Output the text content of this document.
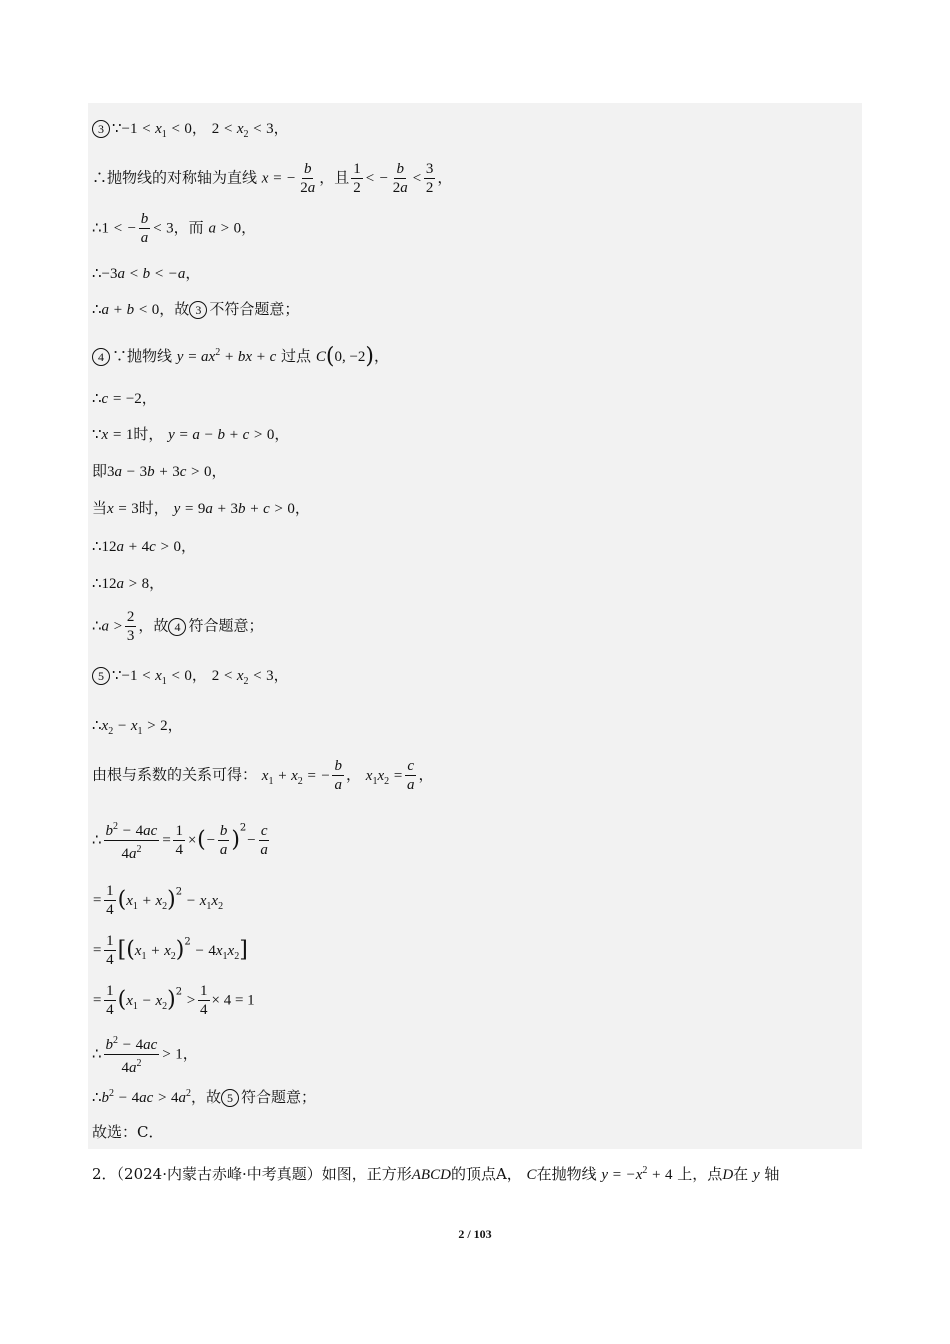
3 ∵−1 < $x_1 < 0$， $2 < x_2 < 3$，
∴抛物线的对称轴为直线 x = − $\frac{b}{2a}$ ，且 $\frac{1}{2}$ < − $\frac{b}{2a} < \frac{3}{2}$ ，
∴1 < − $\frac{b}{a} < 3$，而 a > 0，
∴−3a < b < −a，
∴a + b < 0，故 3 不符合题意；
4 ∵抛物线 $y = ax^2$ + bx + c 过点 C(0, −2)，
∴c = −2，
∵x = 1时， y = a − b + c > 0，
即3a − 3b + 3c > 0，
当x = 3时， y = 9a + 3b + c > 0，
∴12a + 4c > 0，
∴12a > 8，
∴a > $\frac{2}{3}$ ，故 4 符合题意；
5 ∵−1 < $x_1 < 0$， $2 < x_2 < 3$，
$\therefore x_2 - x_1 > 2$，
由根与系数的关系可得： $x_1 + x_2$ = − $\frac{b}{a}$ ， $x_1x_2 = \frac{c}{a}$ ，
∴ $\frac{b^2 - 4ac}{4a^2} = \frac{1}{4}$ ×(− $\frac{b}{a} )^2- \frac{c}{a}$
= $\frac{1}{4} (x_1 + x_2)^2 - x_1x_2$
= $\frac{1}{4} [(x_1 + x_2)^2 - 4x_1x_2]$
= $\frac{1}{4} (x_1 - x_2)^2 > \frac{1}{4} \times 4 = 1$
∴ $\frac{b^2 - 4ac}{4a^2} > 1$，
$\therefore b^2 - 4ac > 4a^2$，故 5 符合题意；
故选：C．
2．（2024·内蒙古赤峰·中考真题）如图，正方形ABCD的顶点A， C在抛物线 $y = -x^2 + 4$ 上，点D在 y 轴
2 / 103
